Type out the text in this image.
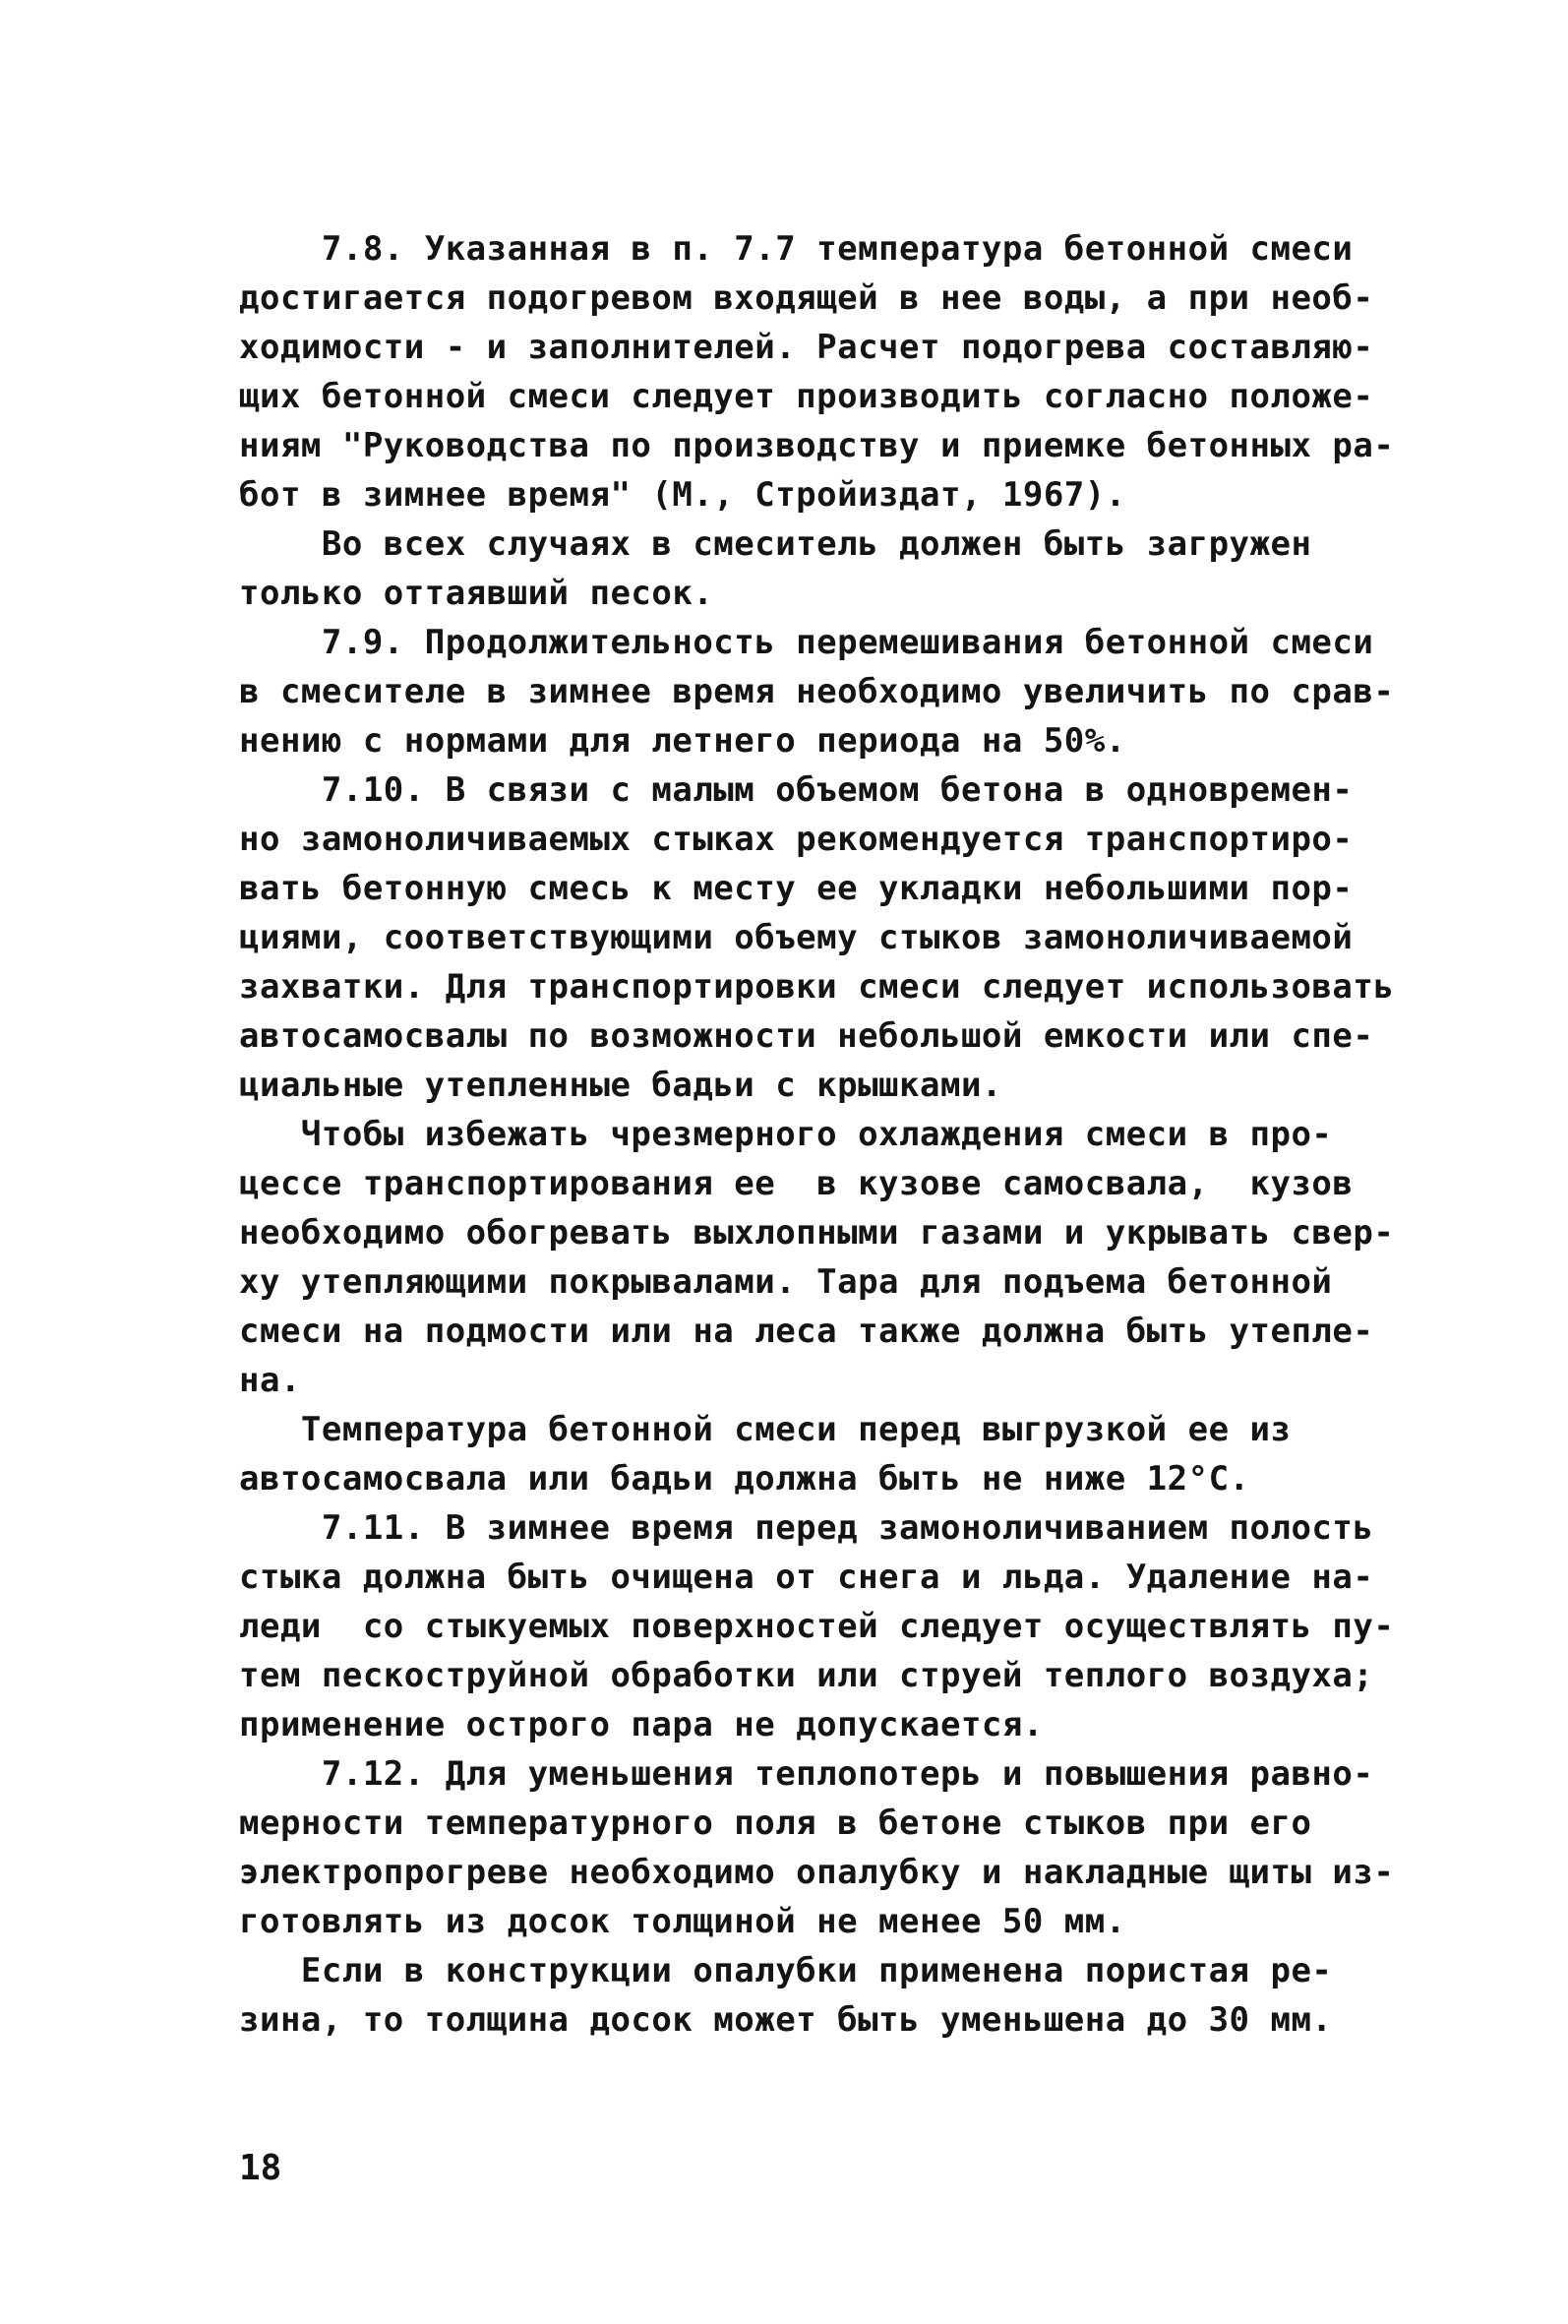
7.8. Указанная в п. 7.7 температура бетонной смеси
достигается подогревом входящей в нее воды, а при необ-
ходимости - и заполнителей. Расчет подогрева составляю-
щих бетонной смеси следует производить согласно положе-
ниям "Руководства по производству и приемке бетонных ра-
бот в зимнее время" (М., Стройиздат, 1967).
Во всех случаях в смеситель должен быть загружен
только оттаявший песок.
7.9. Продолжительность перемешивания бетонной смеси
в смесителе в зимнее время необходимо увеличить по срав-
нению с нормами для летнего периода на 50%.
7.10. В связи с малым объемом бетона в одновремен-
но замоноличиваемых стыках рекомендуется транспортиро-
вать бетонную смесь к месту ее укладки небольшими пор-
циями, соответствующими объему стыков замоноличиваемой
захватки. Для транспортировки смеси следует использовать
автосамосвалы по возможности небольшой емкости или спе-
циальные утепленные бадьи с крышками.
Чтобы избежать чрезмерного охлаждения смеси в про-
цессе транспортирования ее  в кузове самосвала,  кузов
необходимо обогревать выхлопными газами и укрывать свер-
ху утепляющими покрывалами. Тара для подъема бетонной
смеси на подмости или на леса также должна быть утепле-
на.
Температура бетонной смеси перед выгрузкой ее из
автосамосвала или бадьи должна быть не ниже 12°C.
7.11. В зимнее время перед замоноличиванием полость
стыка должна быть очищена от снега и льда. Удаление на-
леди  со стыкуемых поверхностей следует осуществлять пу-
тем пескоструйной обработки или струей теплого воздуха;
применение острого пара не допускается.
7.12. Для уменьшения теплопотерь и повышения равно-
мерности температурного поля в бетоне стыков при его
электропрогреве необходимо опалубку и накладные щиты из-
готовлять из досок толщиной не менее 50 мм.
Если в конструкции опалубки применена пористая ре-
зина, то толщина досок может быть уменьшена до 30 мм.
18
